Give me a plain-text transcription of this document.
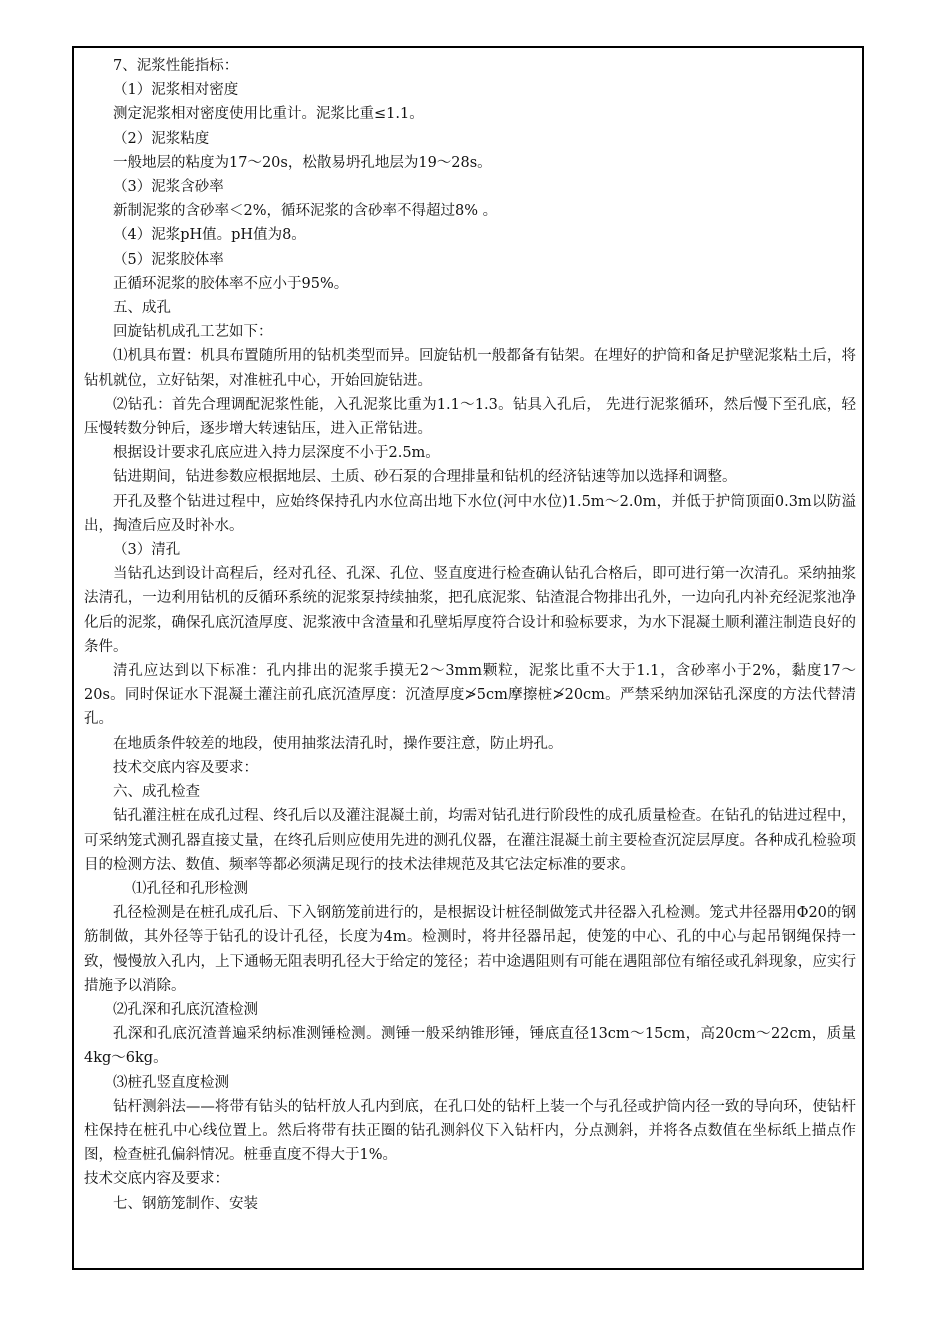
7、泥浆性能指标：

（1）泥浆相对密度

测定泥浆相对密度使用比重计。泥浆比重≤1.1。

（2）泥浆粘度

一般地层的粘度为17～20s，松散易坍孔地层为19～28s。

（3）泥浆含砂率

新制泥浆的含砂率＜2%，循环泥浆的含砂率不得超过8% 。

（4）泥浆pH值。pH值为8。

（5）泥浆胶体率

正循环泥浆的胶体率不应小于95%。

五、成孔

回旋钻机成孔工艺如下：

⑴机具布置：机具布置随所用的钻机类型而异。回旋钻机一般都备有钻架。在埋好的护筒和备足护壁泥浆粘土后，将钻机就位，立好钻架，对准桩孔中心，开始回旋钻进。

⑵钻孔：首先合理调配泥浆性能，入孔泥浆比重为1.1～1.3。钻具入孔后， 先进行泥浆循环，然后慢下至孔底，轻压慢转数分钟后，逐步增大转速钻压，进入正常钻进。

根据设计要求孔底应进入持力层深度不小于2.5m。

钻进期间，钻进参数应根据地层、土质、砂石泵的合理排量和钻机的经济钻速等加以选择和调整。

开孔及整个钻进过程中，应始终保持孔内水位高出地下水位(河中水位)1.5m～2.0m，并低于护筒顶面0.3m以防溢出，掏渣后应及时补水。

（3）清孔

当钻孔达到设计高程后，经对孔径、孔深、孔位、竖直度进行检查确认钻孔合格后，即可进行第一次清孔。采纳抽浆法清孔，一边利用钻机的反循环系统的泥浆泵持续抽浆，把孔底泥浆、钻渣混合物排出孔外，一边向孔内补充经泥浆池净化后的泥浆，确保孔底沉渣厚度、泥浆液中含渣量和孔壁垢厚度符合设计和验标要求，为水下混凝土顺利灌注制造良好的条件。

清孔应达到以下标准：孔内排出的泥浆手摸无2～3mm颗粒，泥浆比重不大于1.1，含砂率小于2%，黏度17～20s。同时保证水下混凝土灌注前孔底沉渣厚度：沉渣厚度≯5cm摩擦桩≯20cm。严禁采纳加深钻孔深度的方法代替清孔。

在地质条件较差的地段，使用抽浆法清孔时，操作要注意，防止坍孔。

技术交底内容及要求：

六、成孔检查

钻孔灌注桩在成孔过程、终孔后以及灌注混凝土前，均需对钻孔进行阶段性的成孔质量检查。在钻孔的钻进过程中，可采纳笼式测孔器直接丈量，在终孔后则应使用先进的测孔仪器，在灌注混凝土前主要检查沉淀层厚度。各种成孔检验项目的检测方法、数值、频率等都必须满足现行的技术法律规范及其它法定标准的要求。

⑴孔径和孔形检测

孔径检测是在桩孔成孔后、下入钢筋笼前进行的，是根据设计桩径制做笼式井径器入孔检测。笼式井径器用Φ20的钢筋制做，其外径等于钻孔的设计孔径，长度为4m。检测时，将井径器吊起，使笼的中心、孔的中心与起吊钢绳保持一致，慢慢放入孔内，上下通畅无阻表明孔径大于给定的笼径；若中途遇阻则有可能在遇阻部位有缩径或孔斜现象，应实行措施予以消除。

⑵孔深和孔底沉渣检测

孔深和孔底沉渣普遍采纳标准测锤检测。测锤一般采纳锥形锤，锤底直径13cm～15cm，高20cm～22cm，质量4kg～6kg。

⑶桩孔竖直度检测

钻杆测斜法——将带有钻头的钻杆放人孔内到底，在孔口处的钻杆上装一个与孔径或护筒内径一致的导向环，使钻杆柱保持在桩孔中心线位置上。然后将带有扶正圈的钻孔测斜仪下入钻杆内，分点测斜，并将各点数值在坐标纸上描点作图，检查桩孔偏斜情况。桩垂直度不得大于1%。

技术交底内容及要求：

七、钢筋笼制作、安装
